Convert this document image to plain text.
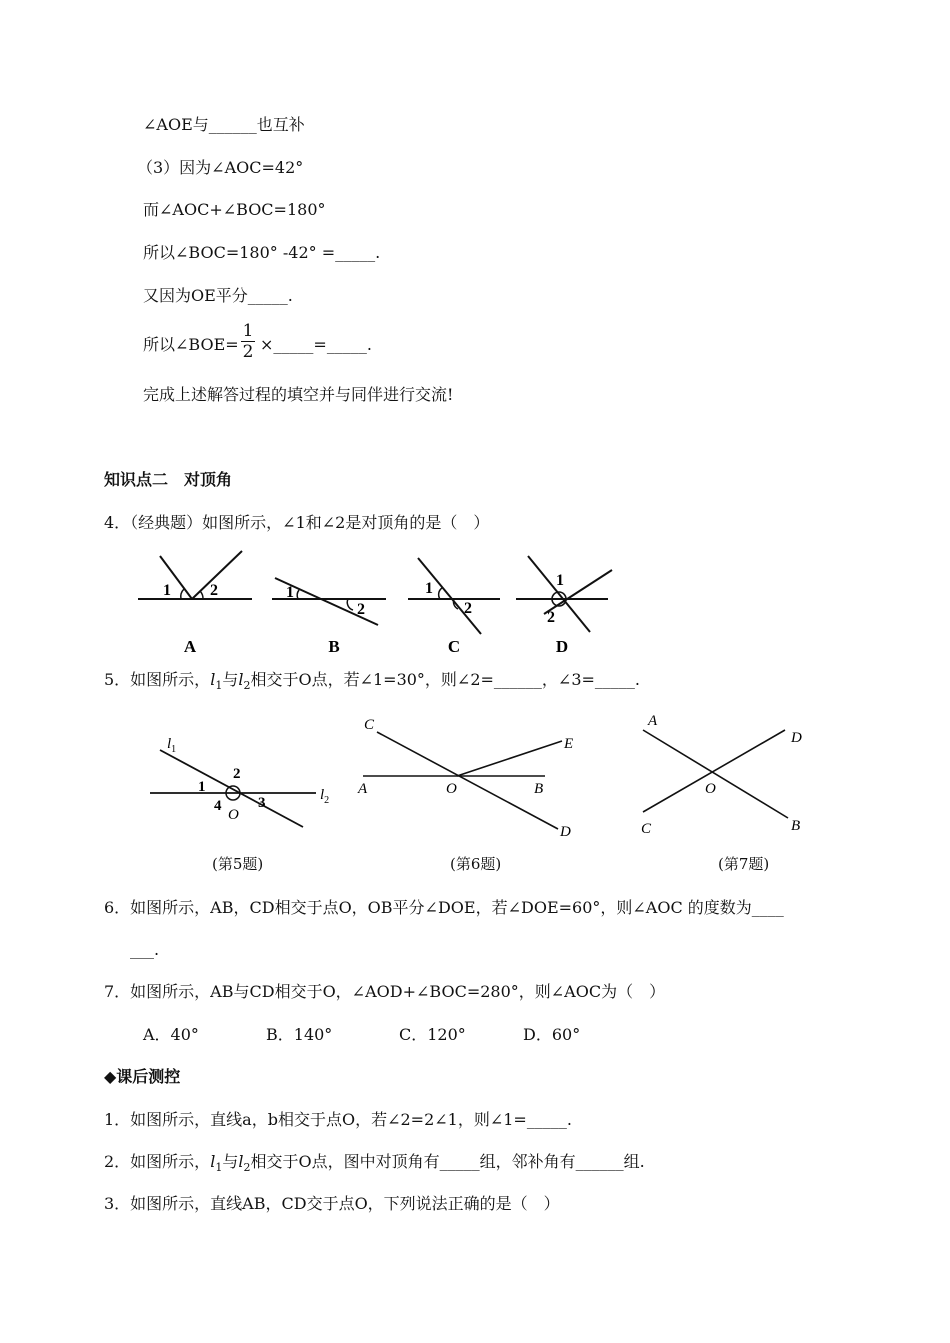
∠AOE与______也互补
（3）因为∠AOC=42°
而∠AOC+∠BOC=180°
所以∠BOC=180° -42° =_____.
又因为OE平分_____.
所以∠BOE=
1
2 ×_____=_____.
完成上述解答过程的填空并与同伴进行交流!
知识点二　对顶角
4．（经典题）如图所示，∠1和∠2是对顶角的是（　）
1 2
A
1
2
B
1
2
C
1
2
D
5．如图所示，$l_1$与$l_2$相交于O点，若∠1=30°，则∠2=______，∠3=_____.
$l_1$
$l_2$
1
2
3
4
O
C
E
A	O	B
D
A
D
O
C	B
(第5题)	(第6题)	(第7题)
6．如图所示，AB，CD相交于点O，OB平分∠DOE，若∠DOE=60°，则∠AOC 的度数为____
___.
7．如图所示，AB与CD相交于O，∠AOD+∠BOC=280°，则∠AOC为（　）
A．40°	B．140°	C．120°	D．60°
◆课后测控
1．如图所示，直线a，b相交于点O，若∠2=2∠1，则∠1=_____.
2．如图所示，$l_1$与$l_2$相交于O点，图中对顶角有_____组，邻补角有______组.
3．如图所示，直线AB，CD交于点O，下列说法正确的是（　）
